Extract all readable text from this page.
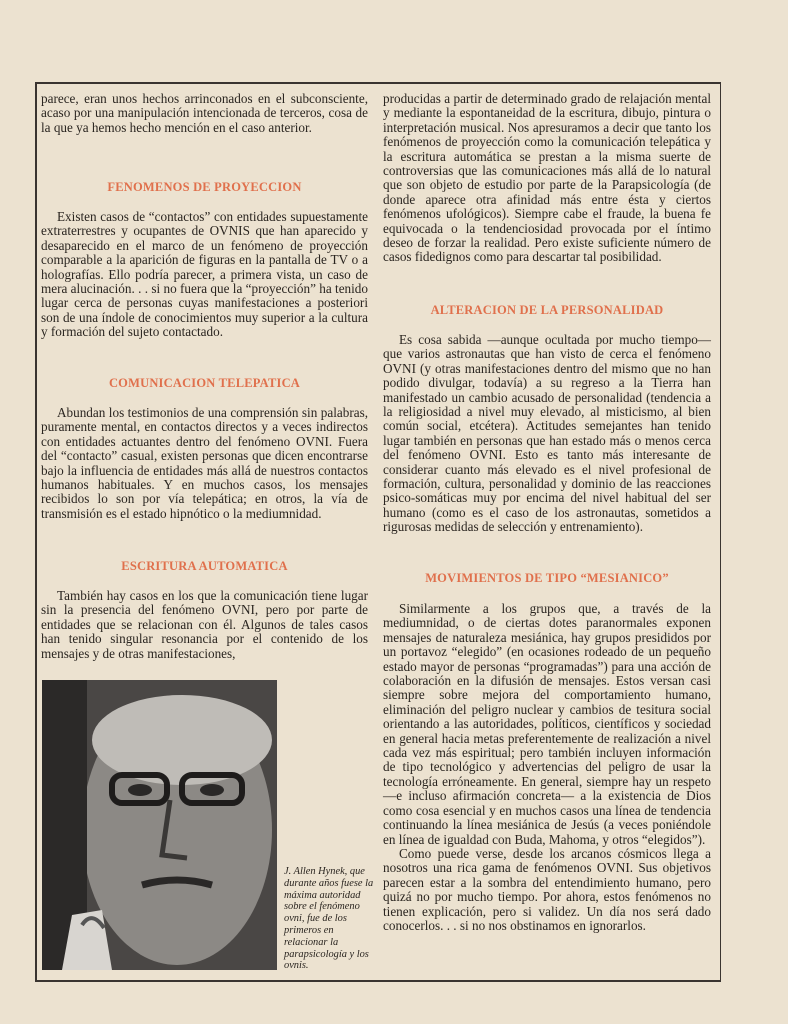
parece, eran unos hechos arrinconados en el subconsciente, acaso por una manipulación intencionada de terceros, cosa de la que ya hemos hecho mención en el caso anterior.

FENOMENOS DE PROYECCION

Existen casos de “contactos” con entidades supuestamente extraterrestres y ocupantes de OVNIS que han aparecido y desaparecido en el marco de un fenómeno de proyección comparable a la aparición de figuras en la pantalla de TV o a holografías. Ello podría parecer, a primera vista, un caso de mera alucinación. . . si no fuera que la “proyección” ha tenido lugar cerca de personas cuyas manifestaciones a posteriori son de una índole de conocimientos muy superior a la cultura y formación del sujeto contactado.

COMUNICACION TELEPATICA

Abundan los testimonios de una comprensión sin palabras, puramente mental, en contactos directos y a veces indirectos con entidades actuantes dentro del fenómeno OVNI. Fuera del “contacto” casual, existen personas que dicen encontrarse bajo la influencia de entidades más allá de nuestros contactos humanos habituales. Y en muchos casos, los mensajes recibidos lo son por vía telepática; en otros, la vía de transmisión es el estado hipnótico o la mediumnidad.

ESCRITURA AUTOMATICA

También hay casos en los que la comunicación tiene lugar sin la presencia del fenómeno OVNI, pero por parte de entidades que se relacionan con él. Algunos de tales casos han tenido singular resonancia por el contenido de los mensajes y de otras manifestaciones,

J. Allen Hynek, que durante años fuese la máxima autoridad sobre el fenómeno ovni, fue de los primeros en relacionar la parapsicología y los ovnis.

producidas a partir de determinado grado de relajación mental y mediante la espontaneidad de la escritura, dibujo, pintura o interpretación musical. Nos apresuramos a decir que tanto los fenómenos de proyección como la comunicación telepática y la escritura automática se prestan a la misma suerte de controversias que las comunicaciones más allá de lo natural que son objeto de estudio por parte de la Parapsicología (de donde aparece otra afinidad más entre ésta y ciertos fenómenos ufológicos). Siempre cabe el fraude, la buena fe equivocada o la tendenciosidad provocada por el íntimo deseo de forzar la realidad. Pero existe suficiente número de casos fidedignos como para descartar tal posibilidad.

ALTERACION DE LA PERSONALIDAD

Es cosa sabida —aunque ocultada por mucho tiempo— que varios astronautas que han visto de cerca el fenómeno OVNI (y otras manifestaciones dentro del mismo que no han podido divulgar, todavía) a su regreso a la Tierra han manifestado un cambio acusado de personalidad (tendencia a la religiosidad a nivel muy elevado, al misticismo, al bien común social, etcétera). Actitudes semejantes han tenido lugar también en personas que han estado más o menos cerca del fenómeno OVNI. Esto es tanto más interesante de considerar cuanto más elevado es el nivel profesional de formación, cultura, personalidad y dominio de las reacciones psico-somáticas muy por encima del nivel habitual del ser humano (como es el caso de los astronautas, sometidos a rigurosas medidas de selección y entrenamiento).

MOVIMIENTOS DE TIPO “MESIANICO”

Similarmente a los grupos que, a través de la mediumnidad, o de ciertas dotes paranormales exponen mensajes de naturaleza mesiánica, hay grupos presididos por un portavoz “elegido” (en ocasiones rodeado de un pequeño estado mayor de personas “programadas”) para una acción de colaboración en la difusión de mensajes. Estos versan casi siempre sobre mejora del comportamiento humano, eliminación del peligro nuclear y cambios de tesitura social orientando a las autoridades, políticos, científicos y sociedad en general hacia metas preferentemente de realización a nivel cada vez más espiritual; pero también incluyen información de tipo tecnológico y advertencias del peligro de usar la tecnología erróneamente. En general, siempre hay un respeto —e incluso afirmación concreta— a la existencia de Dios como cosa esencial y en muchos casos una línea de tendencia continuando la línea mesiánica de Jesús (a veces poniéndole en línea de igualdad con Buda, Mahoma, y otros “elegidos”).

Como puede verse, desde los arcanos cósmicos llega a nosotros una rica gama de fenómenos OVNI. Sus objetivos parecen estar a la sombra del entendimiento humano, pero quizá no por mucho tiempo. Por ahora, estos fenómenos no tienen explicación, pero si validez. Un día nos será dado conocerlos. . . si no nos obstinamos en ignorarlos.
